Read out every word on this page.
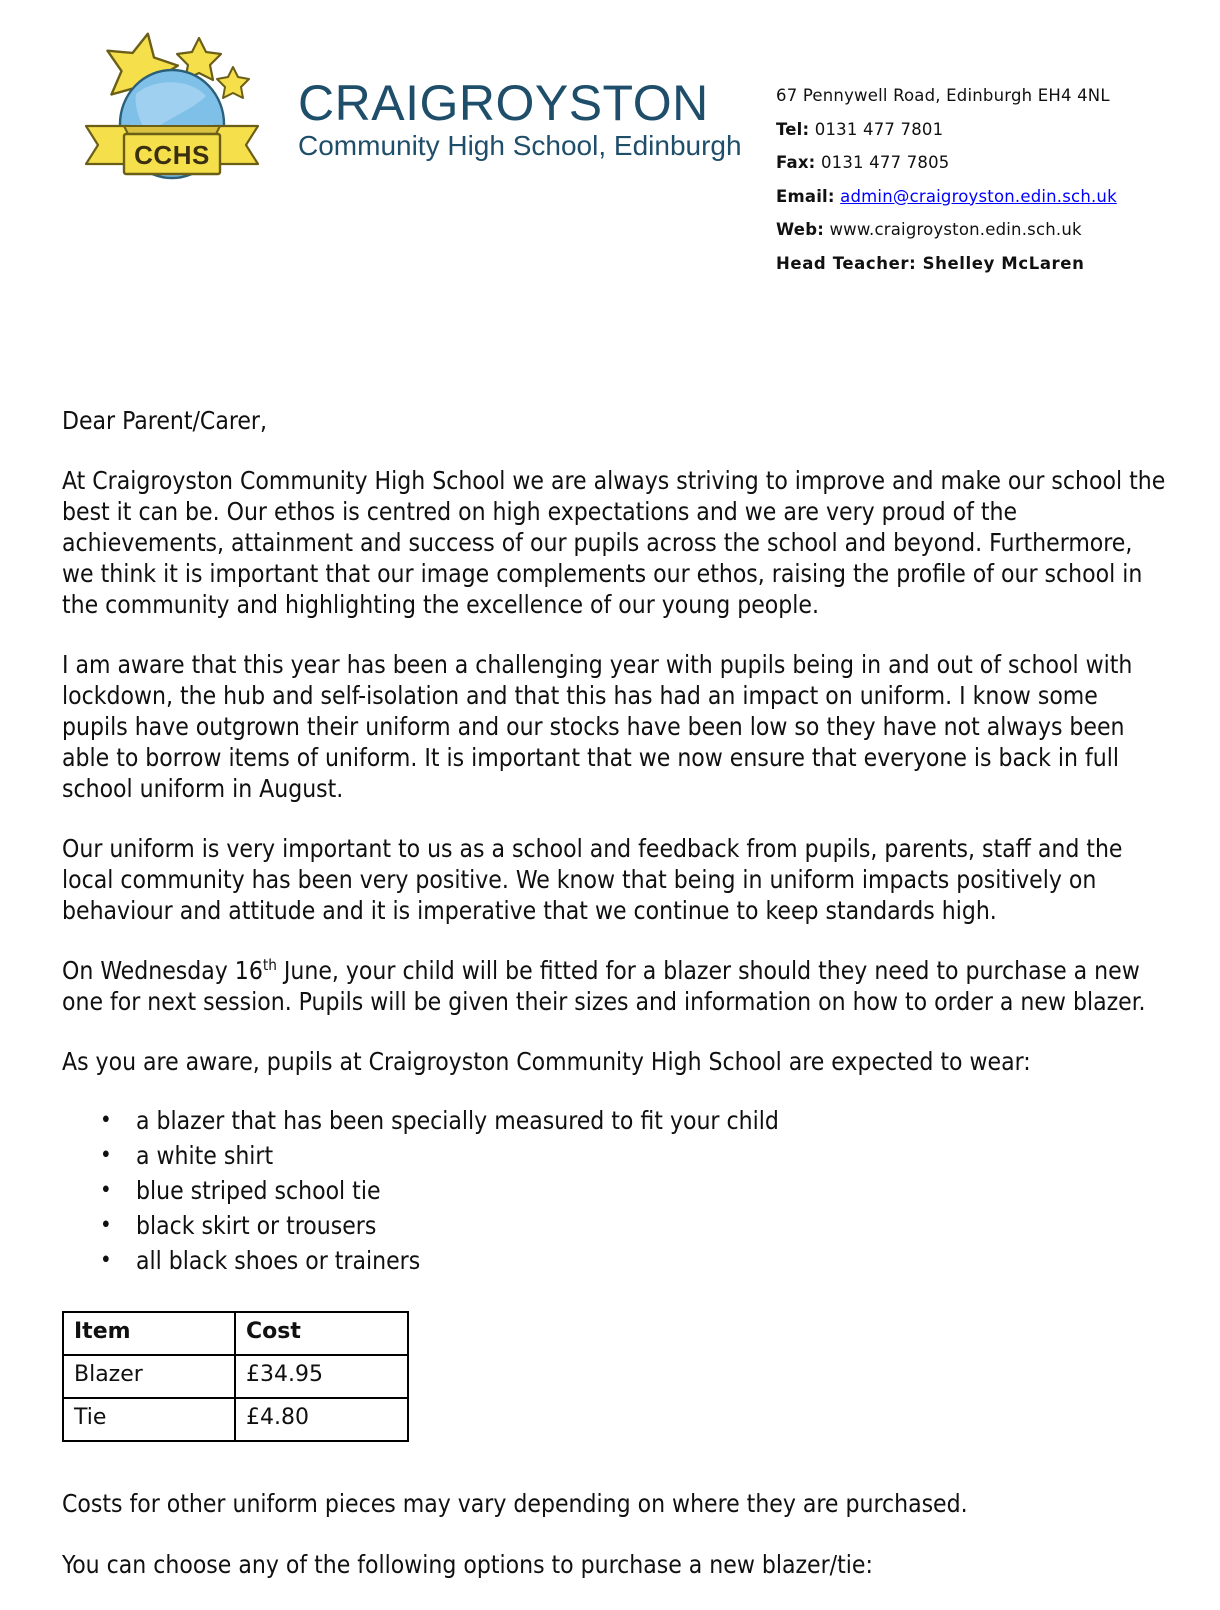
CCHS
CRAIGROYSTON
Community High School, Edinburgh
67 Pennywell Road, Edinburgh EH4 4NL
Tel: 0131 477 7801
Fax: 0131 477 7805
Email: admin@craigroyston.edin.sch.uk
Web: www.craigroyston.edin.sch.uk
Head Teacher: Shelley McLaren

Dear Parent/Carer,

At Craigroyston Community High School we are always striving to improve and make our school the best it can be. Our ethos is centred on high expectations and we are very proud of the achievements, attainment and success of our pupils across the school and beyond. Furthermore, we think it is important that our image complements our ethos, raising the profile of our school in the community and highlighting the excellence of our young people.

I am aware that this year has been a challenging year with pupils being in and out of school with lockdown, the hub and self-isolation and that this has had an impact on uniform. I know some pupils have outgrown their uniform and our stocks have been low so they have not always been able to borrow items of uniform. It is important that we now ensure that everyone is back in full school uniform in August.

Our uniform is very important to us as a school and feedback from pupils, parents, staff and the local community has been very positive. We know that being in uniform impacts positively on behaviour and attitude and it is imperative that we continue to keep standards high.

On Wednesday 16th June, your child will be fitted for a blazer should they need to purchase a new one for next session. Pupils will be given their sizes and information on how to order a new blazer.

As you are aware, pupils at Craigroyston Community High School are expected to wear:

• a blazer that has been specially measured to fit your child
• a white shirt
• blue striped school tie
• black skirt or trousers
• all black shoes or trainers
Item	Cost
Blazer	£34.95
Tie	£4.80

Costs for other uniform pieces may vary depending on where they are purchased.

You can choose any of the following options to purchase a new blazer/tie:
